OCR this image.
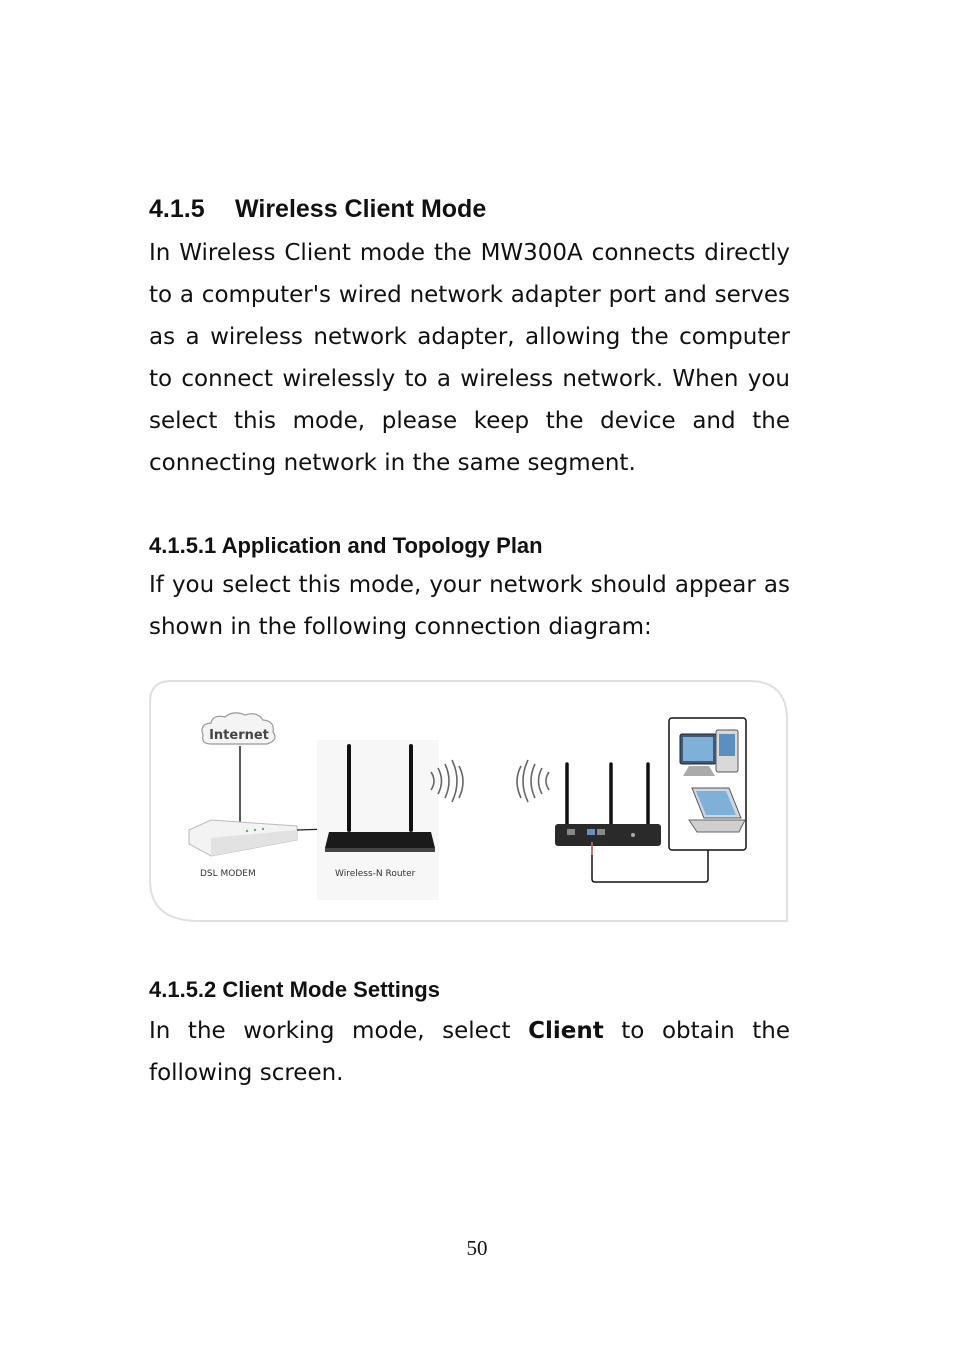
4.1.5 Wireless Client Mode
In Wireless Client mode the MW300A connects directly
to a computer's wired network adapter port and serves
as a wireless network adapter, allowing the computer
to connect wirelessly to a wireless network. When you
select this mode, please keep the device and the
connecting network in the same segment.
4.1.5.1 Application and Topology Plan
If you select this mode, your network should appear as
shown in the following connection diagram:
Internet
DSL MODEM	Wireless-N Router
4.1.5.2 Client Mode Settings
In the working mode, select Client to obtain the
following screen.
50
